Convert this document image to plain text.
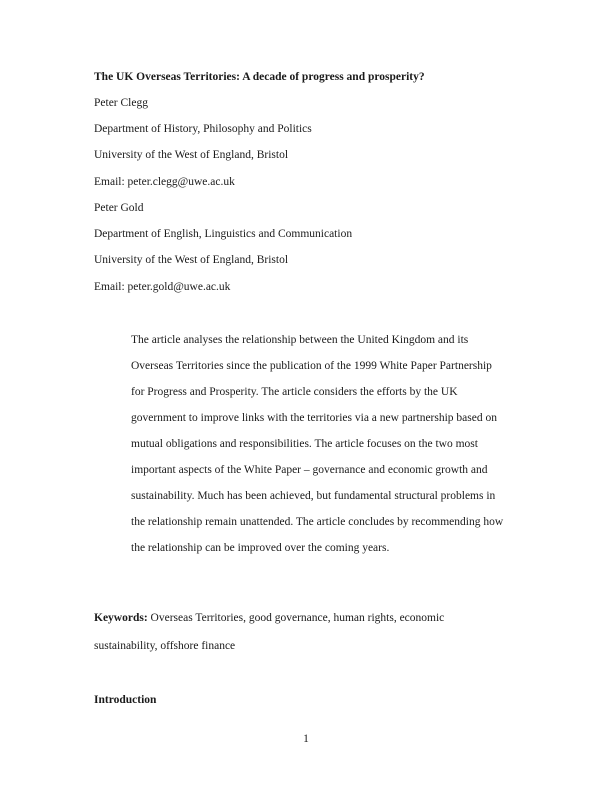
The UK Overseas Territories: A decade of progress and prosperity?
Peter Clegg
Department of History, Philosophy and Politics
University of the West of England, Bristol
Email: peter.clegg@uwe.ac.uk
Peter Gold
Department of English, Linguistics and Communication
University of the West of England, Bristol
Email: peter.gold@uwe.ac.uk
The article analyses the relationship between the United Kingdom and its
Overseas Territories since the publication of the 1999 White Paper Partnership
for Progress and Prosperity. The article considers the efforts by the UK
government to improve links with the territories via a new partnership based on
mutual obligations and responsibilities. The article focuses on the two most
important aspects of the White Paper – governance and economic growth and
sustainability. Much has been achieved, but fundamental structural problems in
the relationship remain unattended. The article concludes by recommending how
the relationship can be improved over the coming years.
Keywords: Overseas Territories, good governance, human rights, economic
sustainability, offshore finance
Introduction
1
